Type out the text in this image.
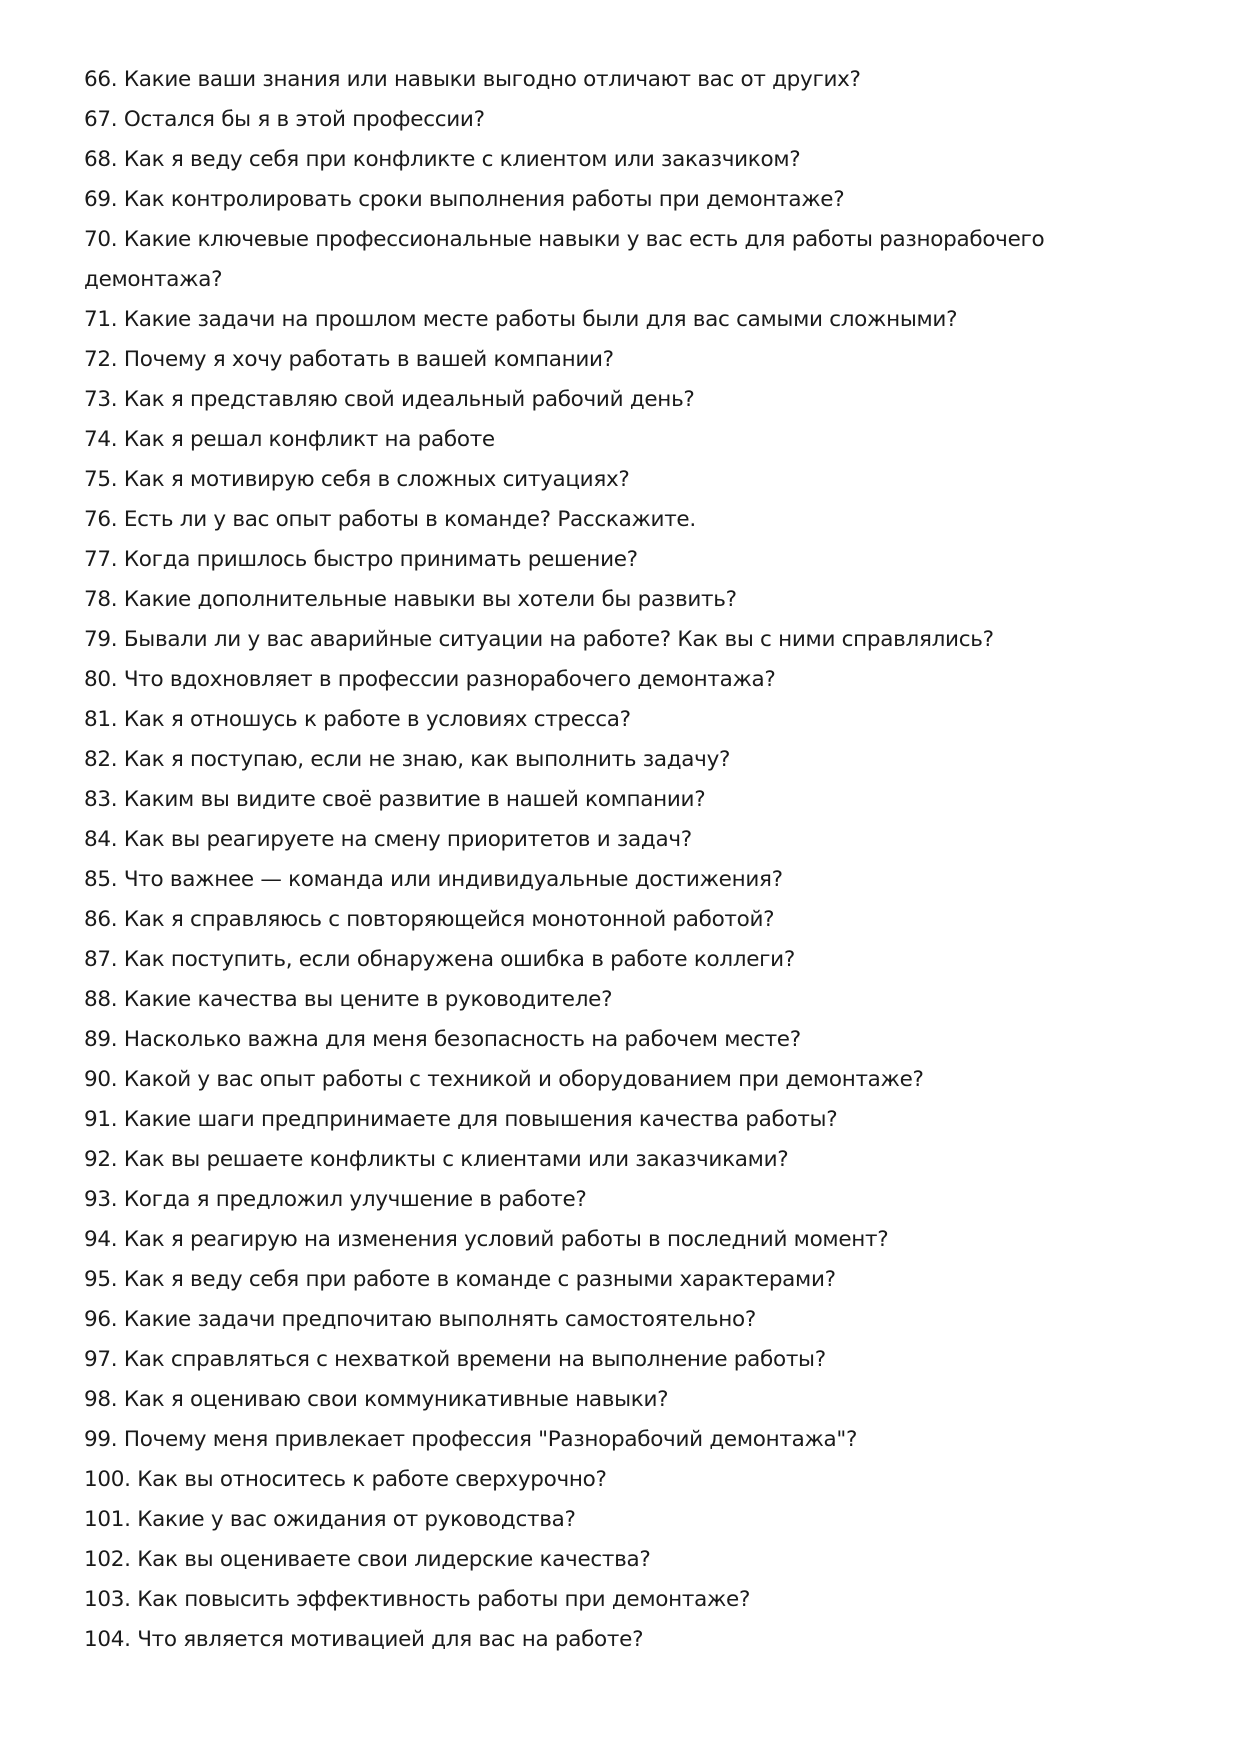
66. Какие ваши знания или навыки выгодно отличают вас от других?
67. Остался бы я в этой профессии?
68. Как я веду себя при конфликте с клиентом или заказчиком?
69. Как контролировать сроки выполнения работы при демонтаже?
70. Какие ключевые профессиональные навыки у вас есть для работы разнорабочего демонтажа?
71. Какие задачи на прошлом месте работы были для вас самыми сложными?
72. Почему я хочу работать в вашей компании?
73. Как я представляю свой идеальный рабочий день?
74. Как я решал конфликт на работе
75. Как я мотивирую себя в сложных ситуациях?
76. Есть ли у вас опыт работы в команде? Расскажите.
77. Когда пришлось быстро принимать решение?
78. Какие дополнительные навыки вы хотели бы развить?
79. Бывали ли у вас аварийные ситуации на работе? Как вы с ними справлялись?
80. Что вдохновляет в профессии разнорабочего демонтажа?
81. Как я отношусь к работе в условиях стресса?
82. Как я поступаю, если не знаю, как выполнить задачу?
83. Каким вы видите своё развитие в нашей компании?
84. Как вы реагируете на смену приоритетов и задач?
85. Что важнее — команда или индивидуальные достижения?
86. Как я справляюсь с повторяющейся монотонной работой?
87. Как поступить, если обнаружена ошибка в работе коллеги?
88. Какие качества вы цените в руководителе?
89. Насколько важна для меня безопасность на рабочем месте?
90. Какой у вас опыт работы с техникой и оборудованием при демонтаже?
91. Какие шаги предпринимаете для повышения качества работы?
92. Как вы решаете конфликты с клиентами или заказчиками?
93. Когда я предложил улучшение в работе?
94. Как я реагирую на изменения условий работы в последний момент?
95. Как я веду себя при работе в команде с разными характерами?
96. Какие задачи предпочитаю выполнять самостоятельно?
97. Как справляться с нехваткой времени на выполнение работы?
98. Как я оцениваю свои коммуникативные навыки?
99. Почему меня привлекает профессия "Разнорабочий демонтажа"?
100. Как вы относитесь к работе сверхурочно?
101. Какие у вас ожидания от руководства?
102. Как вы оцениваете свои лидерские качества?
103. Как повысить эффективность работы при демонтаже?
104. Что является мотивацией для вас на работе?
